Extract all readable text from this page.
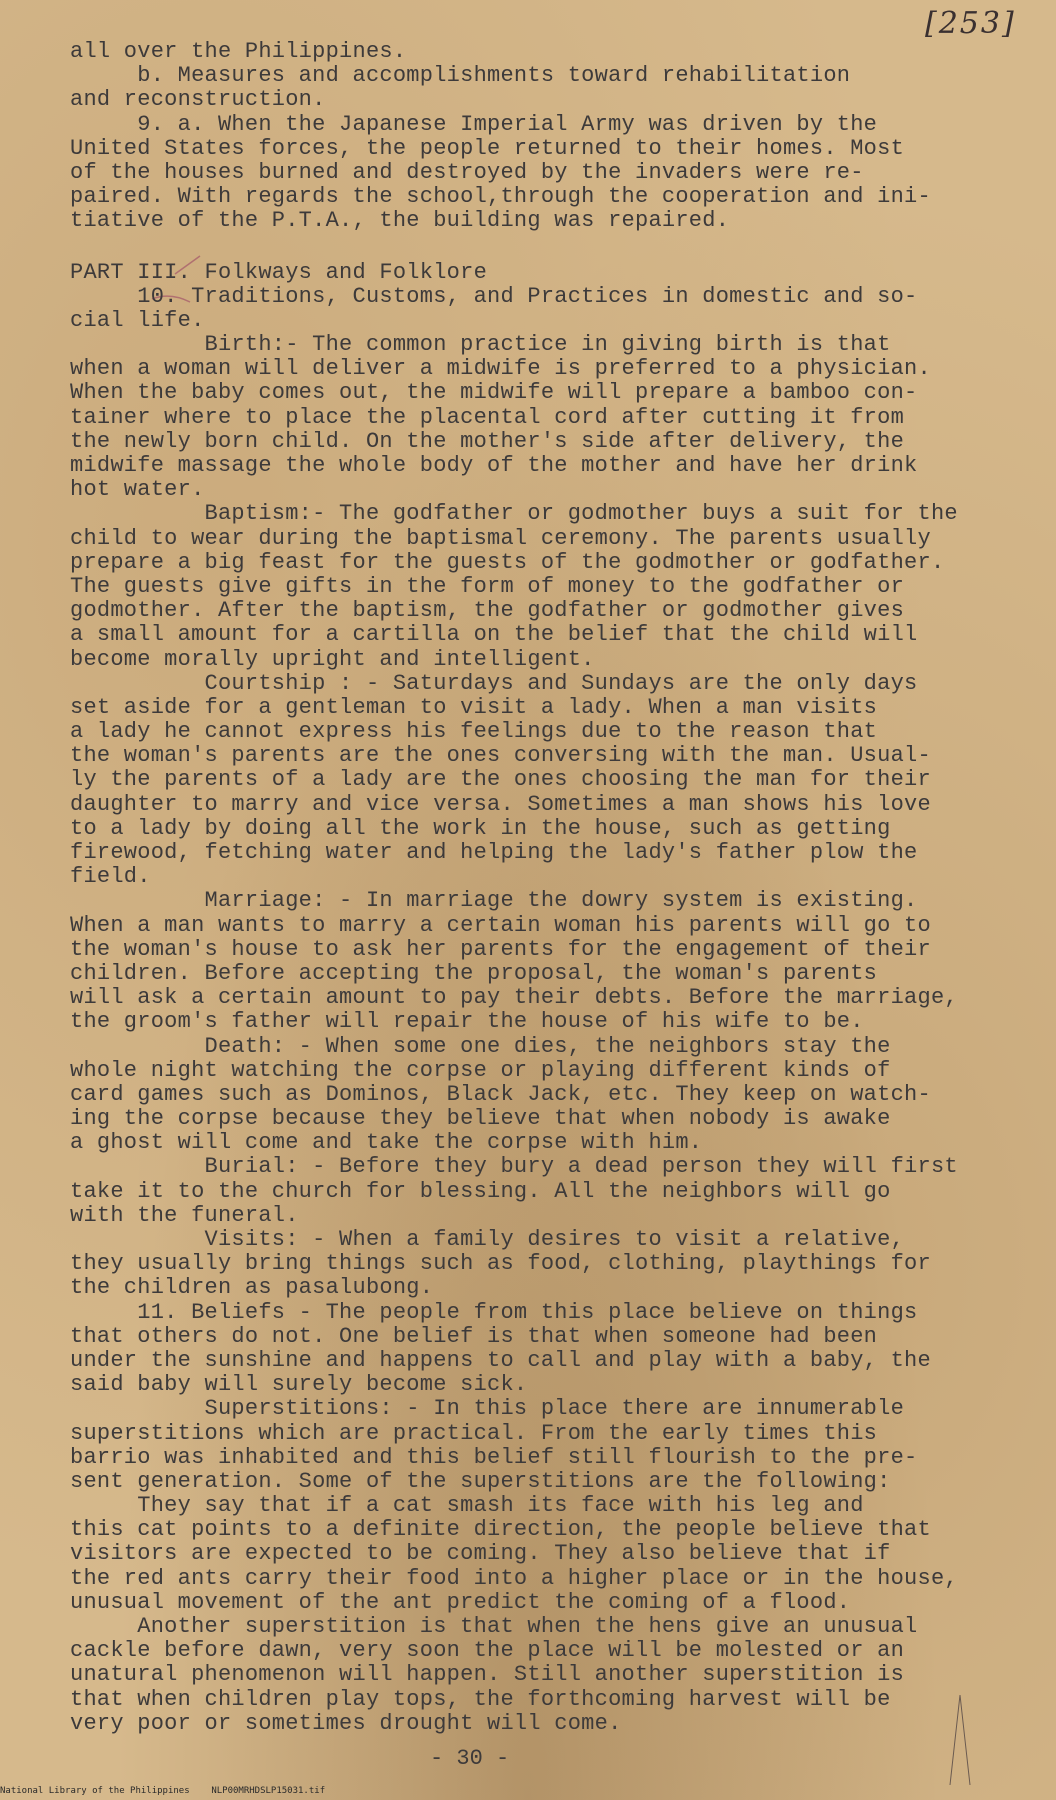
[253]
all over the Philippines.
b. Measures and accomplishments toward rehabilitation
and reconstruction.
9. a. When the Japanese Imperial Army was driven by the
United States forces, the people returned to their homes. Most
of the houses burned and destroyed by the invaders were re-
paired. With regards the school,through the cooperation and ini-
tiative of the P.T.A., the building was repaired.
PART III. Folkways and Folklore
10. Traditions, Customs, and Practices in domestic and so-
cial life.
Birth:- The common practice in giving birth is that
when a woman will deliver a midwife is preferred to a physician.
When the baby comes out, the midwife will prepare a bamboo con-
tainer where to place the placental cord after cutting it from
the newly born child. On the mother's side after delivery, the
midwife massage the whole body of the mother and have her drink
hot water.
Baptism:- The godfather or godmother buys a suit for the
child to wear during the baptismal ceremony. The parents usually
prepare a big feast for the guests of the godmother or godfather.
The guests give gifts in the form of money to the godfather or
godmother. After the baptism, the godfather or godmother gives
a small amount for a cartilla on the belief that the child will
become morally upright and intelligent.
Courtship : - Saturdays and Sundays are the only days
set aside for a gentleman to visit a lady. When a man visits
a lady he cannot express his feelings due to the reason that
the woman's parents are the ones conversing with the man. Usual-
ly the parents of a lady are the ones choosing the man for their
daughter to marry and vice versa. Sometimes a man shows his love
to a lady by doing all the work in the house, such as getting
firewood, fetching water and helping the lady's father plow the
field.
Marriage: - In marriage the dowry system is existing.
When a man wants to marry a certain woman his parents will go to
the woman's house to ask her parents for the engagement of their
children. Before accepting the proposal, the woman's parents
will ask a certain amount to pay their debts. Before the marriage,
the groom's father will repair the house of his wife to be.
Death: - When some one dies, the neighbors stay the
whole night watching the corpse or playing different kinds of
card games such as Dominos, Black Jack, etc. They keep on watch-
ing the corpse because they believe that when nobody is awake
a ghost will come and take the corpse with him.
Burial: - Before they bury a dead person they will first
take it to the church for blessing. All the neighbors will go
with the funeral.
Visits: - When a family desires to visit a relative,
they usually bring things such as food, clothing, playthings for
the children as pasalubong.
11. Beliefs - The people from this place believe on things
that others do not. One belief is that when someone had been
under the sunshine and happens to call and play with a baby, the
said baby will surely become sick.
Superstitions: - In this place there are innumerable
superstitions which are practical. From the early times this
barrio was inhabited and this belief still flourish to the pre-
sent generation. Some of the superstitions are the following:
They say that if a cat smash its face with his leg and
this cat points to a definite direction, the people believe that
visitors are expected to be coming. They also believe that if
the red ants carry their food into a higher place or in the house,
unusual movement of the ant predict the coming of a flood.
Another superstition is that when the hens give an unusual
cackle before dawn, very soon the place will be molested or an
unatural phenomenon will happen. Still another superstition is
that when children play tops, the forthcoming harvest will be
very poor or sometimes drought will come.
- 30 -
National Library of the Philippines    NLP00MRHDSLP15031.tif
